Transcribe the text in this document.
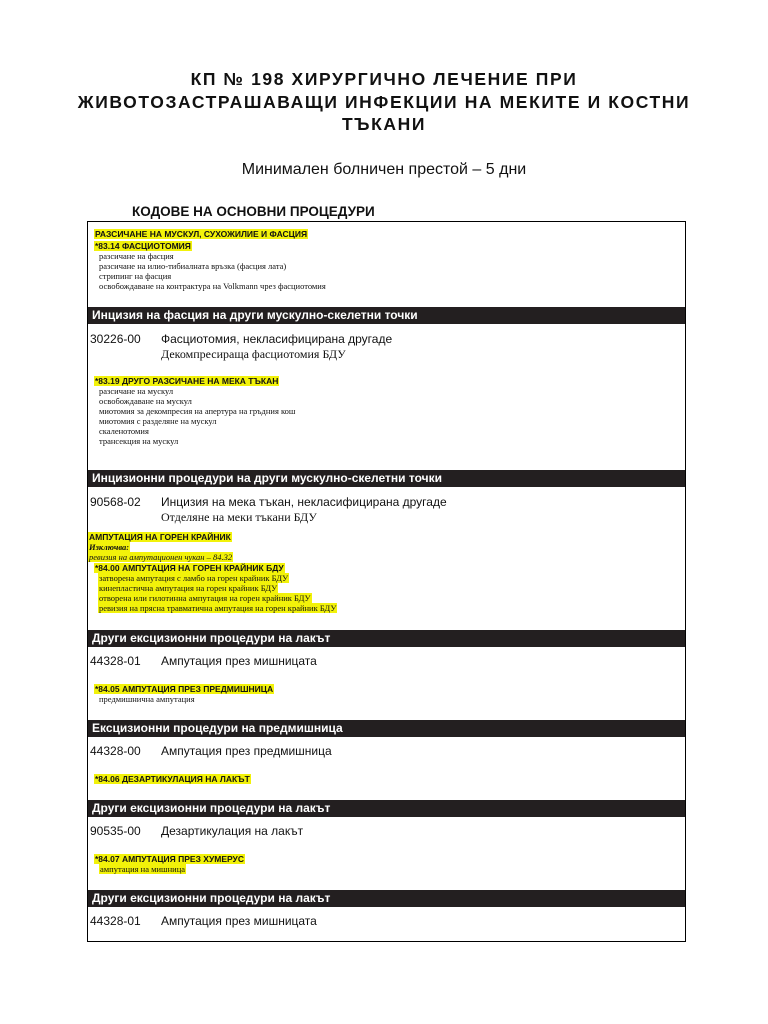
КП № 198 ХИРУРГИЧНО ЛЕЧЕНИЕ ПРИ
ЖИВОТОЗАСТРАШАВАЩИ ИНФЕКЦИИ НА МЕКИТЕ И КОСТНИ
ТЪКАНИ
Минимален болничен престой – 5 дни
КОДОВЕ НА ОСНОВНИ ПРОЦЕДУРИ
РАЗСИЧАНЕ НА МУСКУЛ, СУХОЖИЛИЕ И ФАСЦИЯ
*83.14 ФАСЦИОТОМИЯ
разсичане на фасция
разсичане на илио-тибиалната връзка (фасция лата)
стрипинг на фасция
освобождаване на контрактура на Volkmann чрез фасциотомия
Инцизия на фасция на други мускулно-скелетни точки
30226-00 Фасциотомия, некласифицирана другаде
Декомпресираща фасциотомия БДУ
*83.19 ДРУГО РАЗСИЧАНЕ НА МЕКА ТЪКАН
разсичане на мускул
освобождаване на мускул
миотомия за декомпресия на апертура на гръдния кош
миотомия с разделяне на мускул
скаленотомия
трансекция на мускул
Инцизионни процедури на други мускулно-скелетни точки
90568-02 Инцизия на мека тъкан, некласифицирана другаде
Отделяне на меки тъкани БДУ
АМПУТАЦИЯ НА ГОРЕН КРАЙНИК
Изключва:
ревизия на ампутационен чукан – 84.32
*84.00 АМПУТАЦИЯ НА ГОРЕН КРАЙНИК БДУ
затворена ампутация с ламбо на горен крайник БДУ
кинепластична ампутация на горен крайник БДУ
отворена или гилотинна ампутация на горен крайник БДУ
ревизия на прясна травматична ампутация на горен крайник БДУ
Други ексцизионни процедури на лакът
44328-01 Ампутация през мишницата
*84.05 АМПУТАЦИЯ ПРЕЗ ПРЕДМИШНИЦА
предмишнична ампутация
Ексцизионни процедури на предмишница
44328-00 Ампутация през предмишница
*84.06 ДЕЗАРТИКУЛАЦИЯ НА ЛАКЪТ
Други ексцизионни процедури на лакът
90535-00 Дезартикулация на лакът
*84.07 АМПУТАЦИЯ ПРЕЗ ХУМЕРУС
ампутация на мишница
Други ексцизионни процедури на лакът
44328-01 Ампутация през мишницата
